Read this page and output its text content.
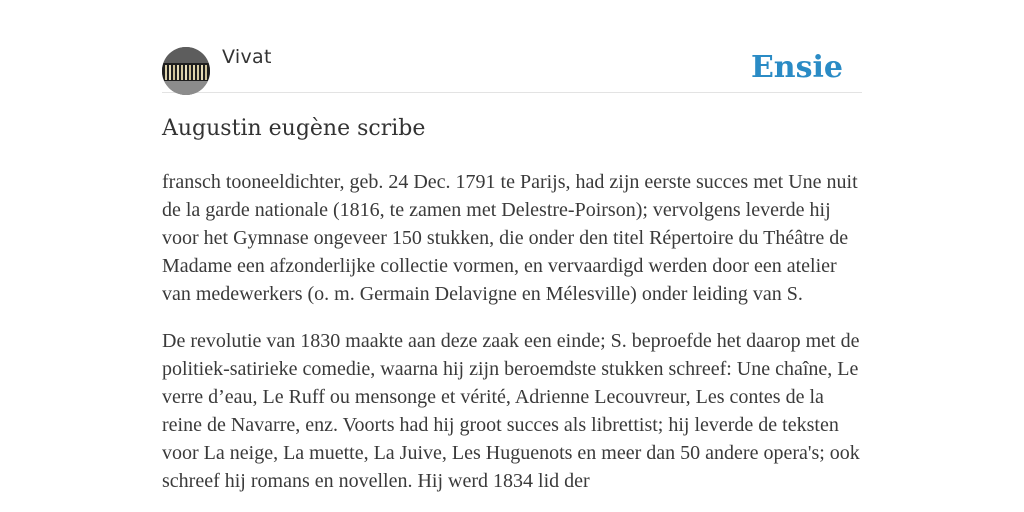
Vivat	Ensie
Augustin eugène scribe

fransch tooneeldichter, geb. 24 Dec. 1791 te Parijs, had zijn eerste succes met Une nuit de la garde nationale (1816, te zamen met Delestre-Poirson); vervolgens leverde hij voor het Gymnase ongeveer 150 stukken, die onder den titel Répertoire du Théâtre de Madame een afzonderlijke collectie vormen, en vervaardigd werden door een atelier van medewerkers (o. m. Germain Delavigne en Mélesville) onder leiding van S.

De revolutie van 1830 maakte aan deze zaak een einde; S. beproefde het daarop met de politiek-satirieke comedie, waarna hij zijn beroemdste stukken schreef: Une chaîne, Le verre d’eau, Le Ruff ou mensonge et vérité, Adrienne Lecouvreur, Les contes de la reine de Navarre, enz. Voorts had hij groot succes als librettist; hij leverde de teksten voor La neige, La muette, La Juive, Les Huguenots en meer dan 50 andere opera's; ook schreef hij romans en novellen. Hij werd 1834 lid der
